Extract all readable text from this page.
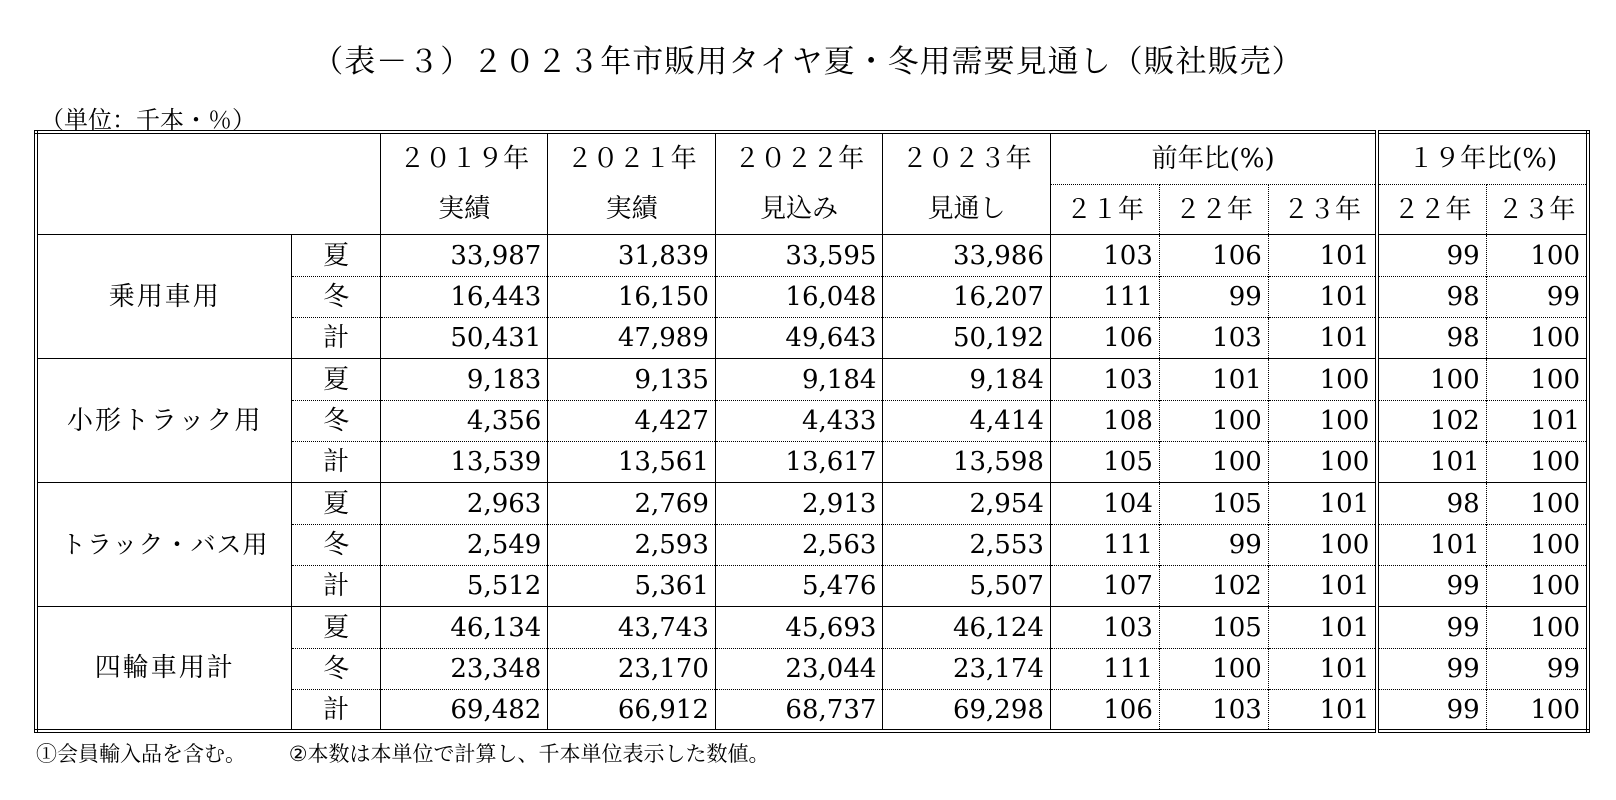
（表－３）２０２３年市販用タイヤ夏・冬用需要見通し（販社販売）
（単位：千本・％）
		２０１９年	２０２１年	２０２２年	２０２３年	前年比(%)			１９年比(%)	
		実績	実績	見込み	見通し	２１年	２２年	２３年	２２年	２３年
乗用車用	夏	33,987	31,839	33,595	33,986	103	106	101	99	100
	冬	16,443	16,150	16,048	16,207	111	99	101	98	99
	計	50,431	47,989	49,643	50,192	106	103	101	98	100
小形トラック用	夏	9,183	9,135	9,184	9,184	103	101	100	100	100
	冬	4,356	4,427	4,433	4,414	108	100	100	102	101
	計	13,539	13,561	13,617	13,598	105	100	100	101	100
トラック・バス用	夏	2,963	2,769	2,913	2,954	104	105	101	98	100
	冬	2,549	2,593	2,563	2,553	111	99	100	101	100
	計	5,512	5,361	5,476	5,507	107	102	101	99	100
四輪車用計	夏	46,134	43,743	45,693	46,124	103	105	101	99	100
	冬	23,348	23,170	23,044	23,174	111	100	101	99	99
	計	69,482	66,912	68,737	69,298	106	103	101	99	100
①会員輸入品を含む。 ②本数は本単位で計算し、千本単位表示した数値。
